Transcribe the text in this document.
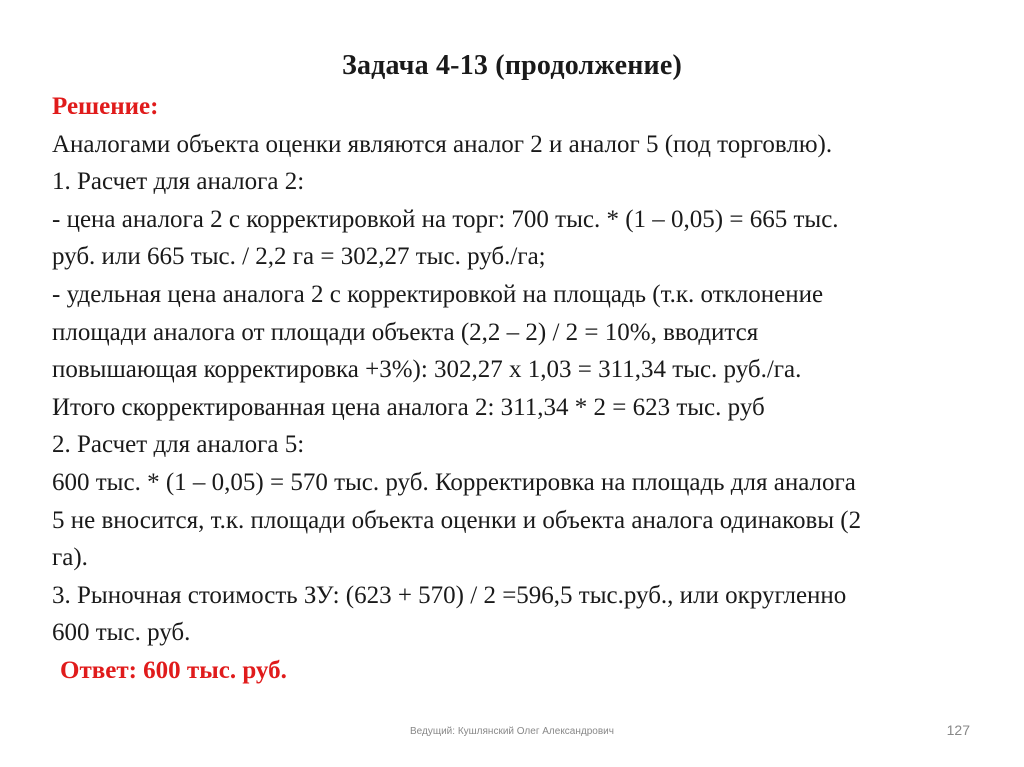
Задача 4-13 (продолжение)
Решение:
Аналогами объекта оценки являются аналог 2 и аналог 5 (под торговлю).
1. Расчет для аналога 2:
- цена аналога 2 с корректировкой на торг: 700 тыс. * (1 – 0,05) = 665 тыс.
руб. или 665 тыс. / 2,2 га = 302,27 тыс. руб./га;
- удельная цена аналога 2 с корректировкой на площадь (т.к. отклонение
площади аналога от площади объекта (2,2 – 2) / 2 = 10%, вводится
повышающая корректировка +3%): 302,27 х 1,03 = 311,34 тыс. руб./га.
Итого скорректированная цена аналога 2: 311,34 * 2 = 623 тыс. руб
2. Расчет для аналога 5:
600 тыс. * (1 – 0,05) = 570 тыс. руб. Корректировка на площадь для аналога
5 не вносится, т.к. площади объекта оценки и объекта аналога одинаковы (2
га).
3. Рыночная стоимость ЗУ: (623 + 570) / 2 =596,5 тыс.руб., или округленно
600 тыс. руб.
Ответ: 600 тыс. руб.
Ведущий: Кушлянский Олег Александрович	127
